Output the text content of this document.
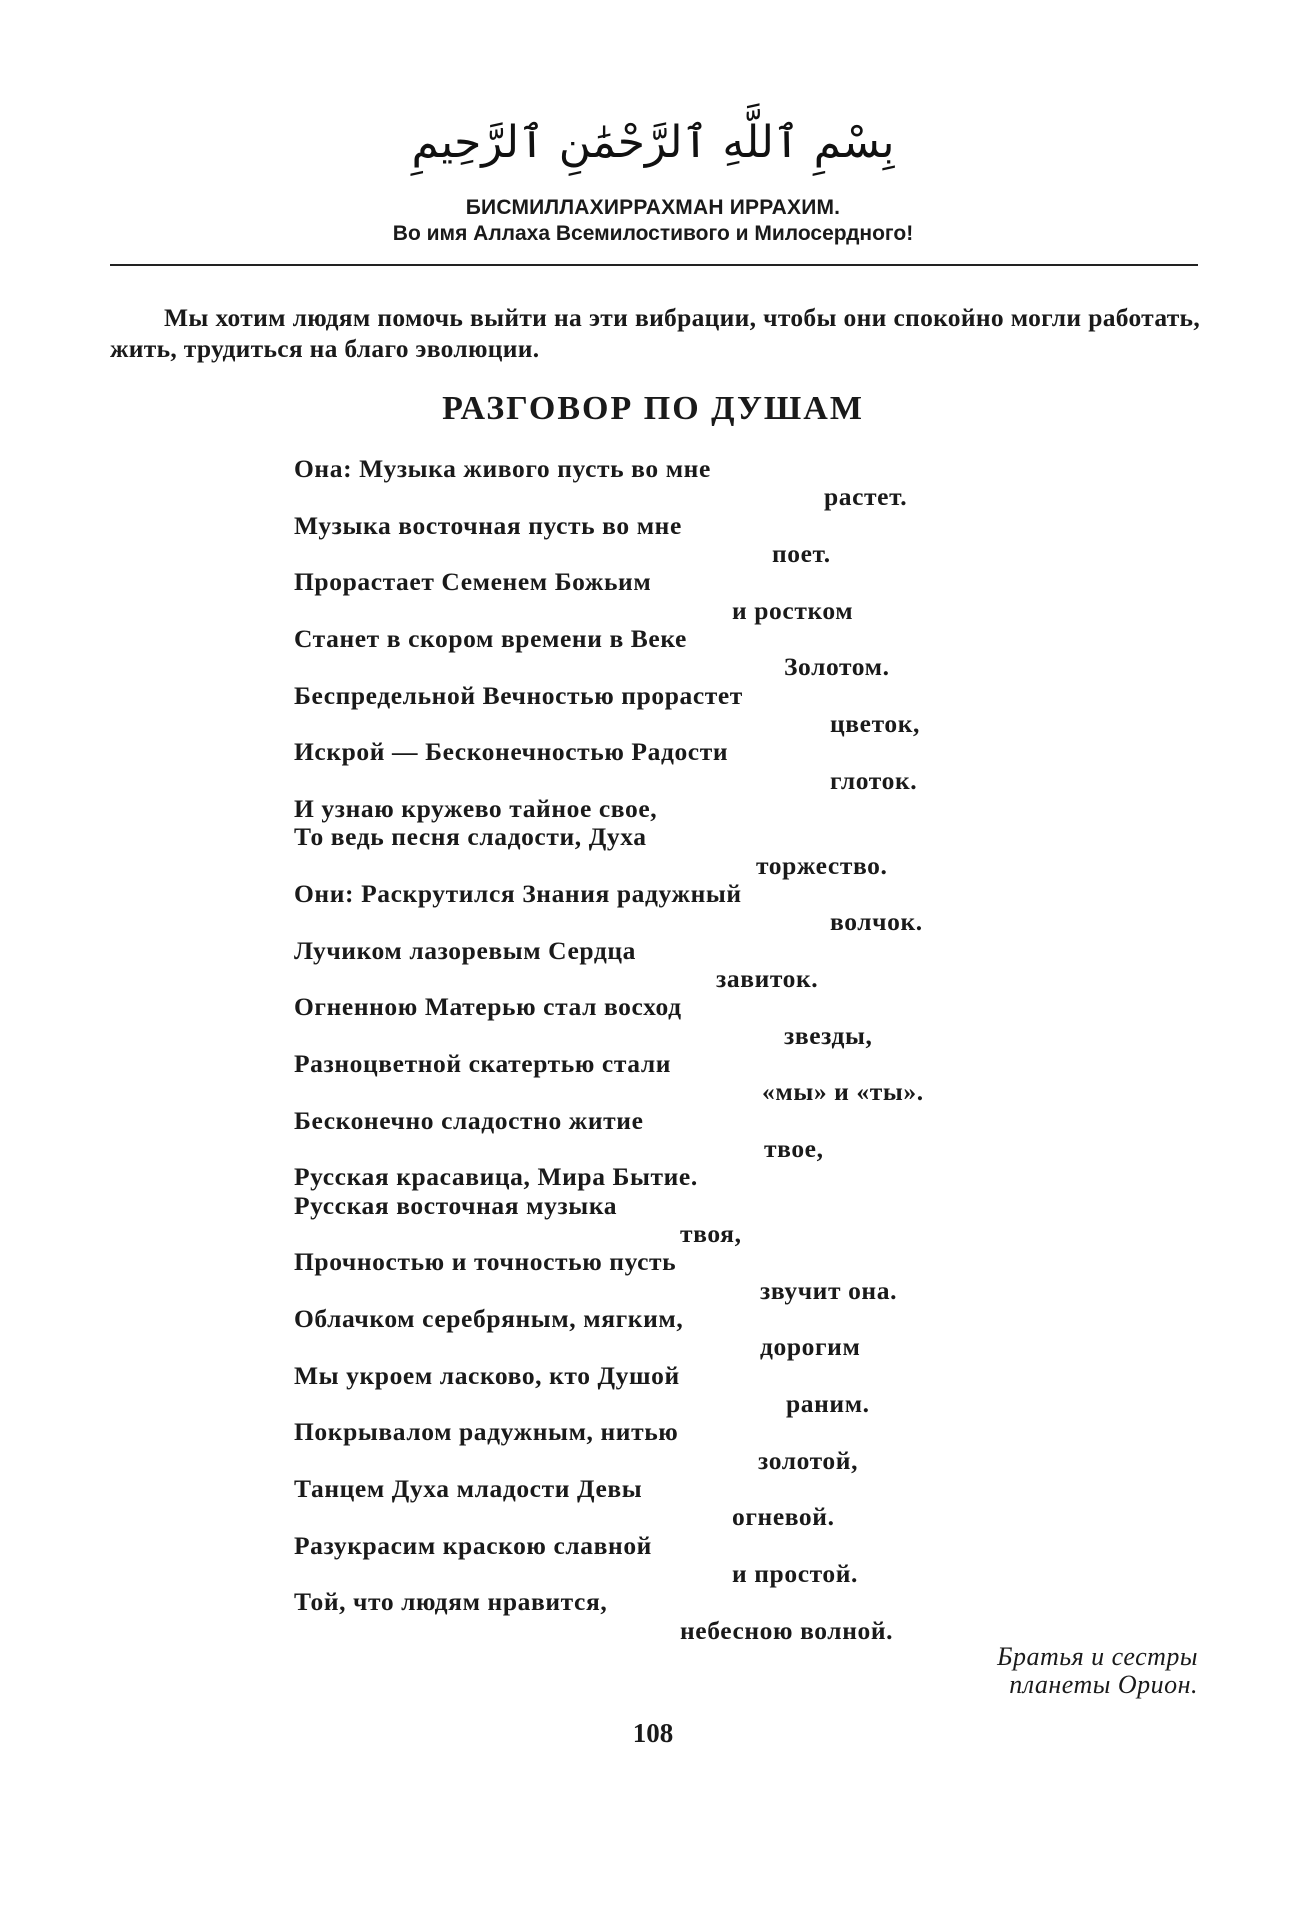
بِسْمِ ٱللَّهِ ٱلرَّحْمَٰنِ ٱلرَّحِيمِ
БИСМИЛЛАХИРРАХМАН ИРРАХИМ.
Во имя Аллаха Всемилостивого и Милосердного!
Мы хотим людям помочь выйти на эти вибрации, чтобы они спокойно могли работать, жить, трудиться на благо эволюции.
РАЗГОВОР ПО ДУШАМ
Она: Музыка живого пусть во мне
растет.
Музыка восточная пусть во мне
поет.
Прорастает Семенем Божьим
и ростком
Станет в скором времени в Веке
Золотом.
Беспредельной Вечностью прорастет
цветок,
Искрой — Бесконечностью Радости
глоток.
И узнаю кружево тайное свое,
То ведь песня сладости, Духа
торжество.
Они: Раскрутился Знания радужный
волчок.
Лучиком лазоревым Сердца
завиток.
Огненною Матерью стал восход
звезды,
Разноцветной скатертью стали
«мы» и «ты».
Бесконечно сладостно житие
твое,
Русская красавица, Мира Бытие.
Русская восточная музыка
твоя,
Прочностью и точностью пусть
звучит она.
Облачком серебряным, мягким,
дорогим
Мы укроем ласково, кто Душой
раним.
Покрывалом радужным, нитью
золотой,
Танцем Духа младости Девы
огневой.
Разукрасим краскою славной
и простой.
Той, что людям нравится,
небесною волной.
Братья и сестры
планеты Орион.
108
